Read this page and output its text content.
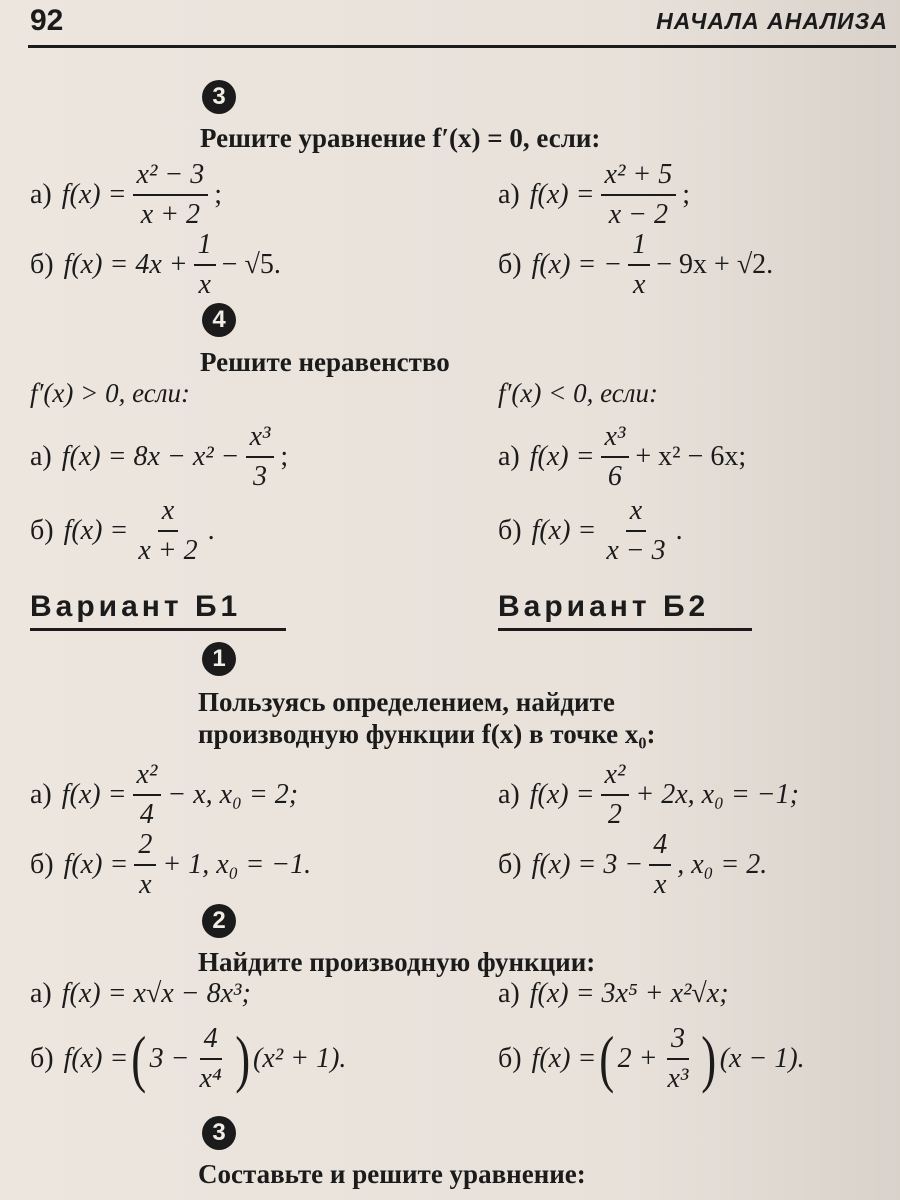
92	НАЧАЛА АНАЛИЗА
3
Решите уравнение f′(x) = 0, если:
а) $f(x) = \frac{\text{x² − 3}}{x + 2}$ ;
б) $f(x) = 4x + \frac{1}{x} - √5$.
а) $f(x) = \frac{\text{x² + 5}}{x - 2}$ ;
б) f(x) = − $\frac{1}{x} - 9x + √2$.
4
Решите неравенство
f′(x) > 0, если:	f′(x) < 0, если:
а) $f(x) = 8x - x^2 - \frac{\text{x³}}{3}$ ;
б) $f(x) = \frac{x}{x + 2}$ .
а) $f(x) = \frac{\text{x³}}{6} + x^2 - 6x$;
б) $f(x) = \frac{x}{x - 3}$ .
Вариант Б1	Вариант Б2
1
Пользуясь определением, найдите
производную функции f(x) в точке x₀:
а) $f(x) = \frac{\text{x²}}{4} - x$, x₀ = 2;
б) $f(x) = \frac{2}{x} + 1$, x₀ = −1.
а) $f(x) = \frac{\text{x²}}{2} + 2x$, x₀ = −1;
б) $f(x) = 3 - \frac{4}{x}$ , x₀ = 2.
2
Найдите производную функции:
а) f(x) = x√x − 8x³;	а) f(x) = 3x⁵ + x²√x;
б) f(x) = ( $3 - \frac{4}{\text{x⁴}}$ ) (x² + 1).	б) f(x) = ( $2 + \frac{3}{\text{x³}}$ ) (x − 1).
3
Составьте и решите уравнение:
